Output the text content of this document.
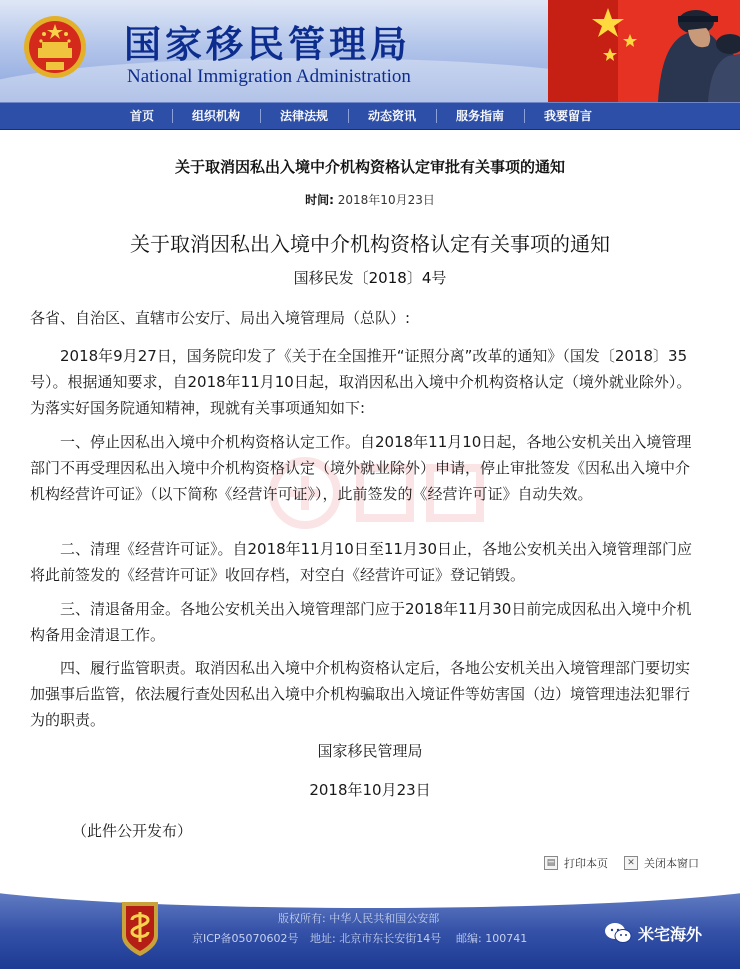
国家移民管理局
National Immigration Administration
首页	组织机构	法律法规	动态资讯	服务指南	我要留言
关于取消因私出入境中介机构资格认定审批有关事项的通知
时间: 2018年10月23日
关于取消因私出入境中介机构资格认定有关事项的通知
国移民发〔2018〕4号
各省、自治区、直辖市公安厅、局出入境管理局（总队）:
2018年9月27日，国务院印发了《关于在全国推开“证照分离”改革的通知》（国发〔2018〕35号）。根据通知要求，自2018年11月10日起，取消因私出入境中介机构资格认定（境外就业除外）。为落实好国务院通知精神，现就有关事项通知如下:
一、停止因私出入境中介机构资格认定工作。自2018年11月10日起，各地公安机关出入境管理部门不再受理因私出入境中介机构资格认定（境外就业除外）申请，停止审批签发《因私出入境中介机构经营许可证》（以下简称《经营许可证》），此前签发的《经营许可证》自动失效。
二、清理《经营许可证》。自2018年11月10日至11月30日止，各地公安机关出入境管理部门应将此前签发的《经营许可证》收回存档，对空白《经营许可证》登记销毁。
三、清退备用金。各地公安机关出入境管理部门应于2018年11月30日前完成因私出入境中介机构备用金清退工作。
四、履行监管职责。取消因私出入境中介机构资格认定后，各地公安机关出入境管理部门要切实加强事后监管，依法履行查处因私出入境中介机构骗取出入境证件等妨害国（边）境管理违法犯罪行为的职责。
国家移民管理局
2018年10月23日
（此件公开发布）
▤ 打印本页	✕ 关闭本窗口
版权所有: 中华人民共和国公安部
京ICP备05070602号 地址: 北京市东长安街14号 邮编: 100741	米宅海外
